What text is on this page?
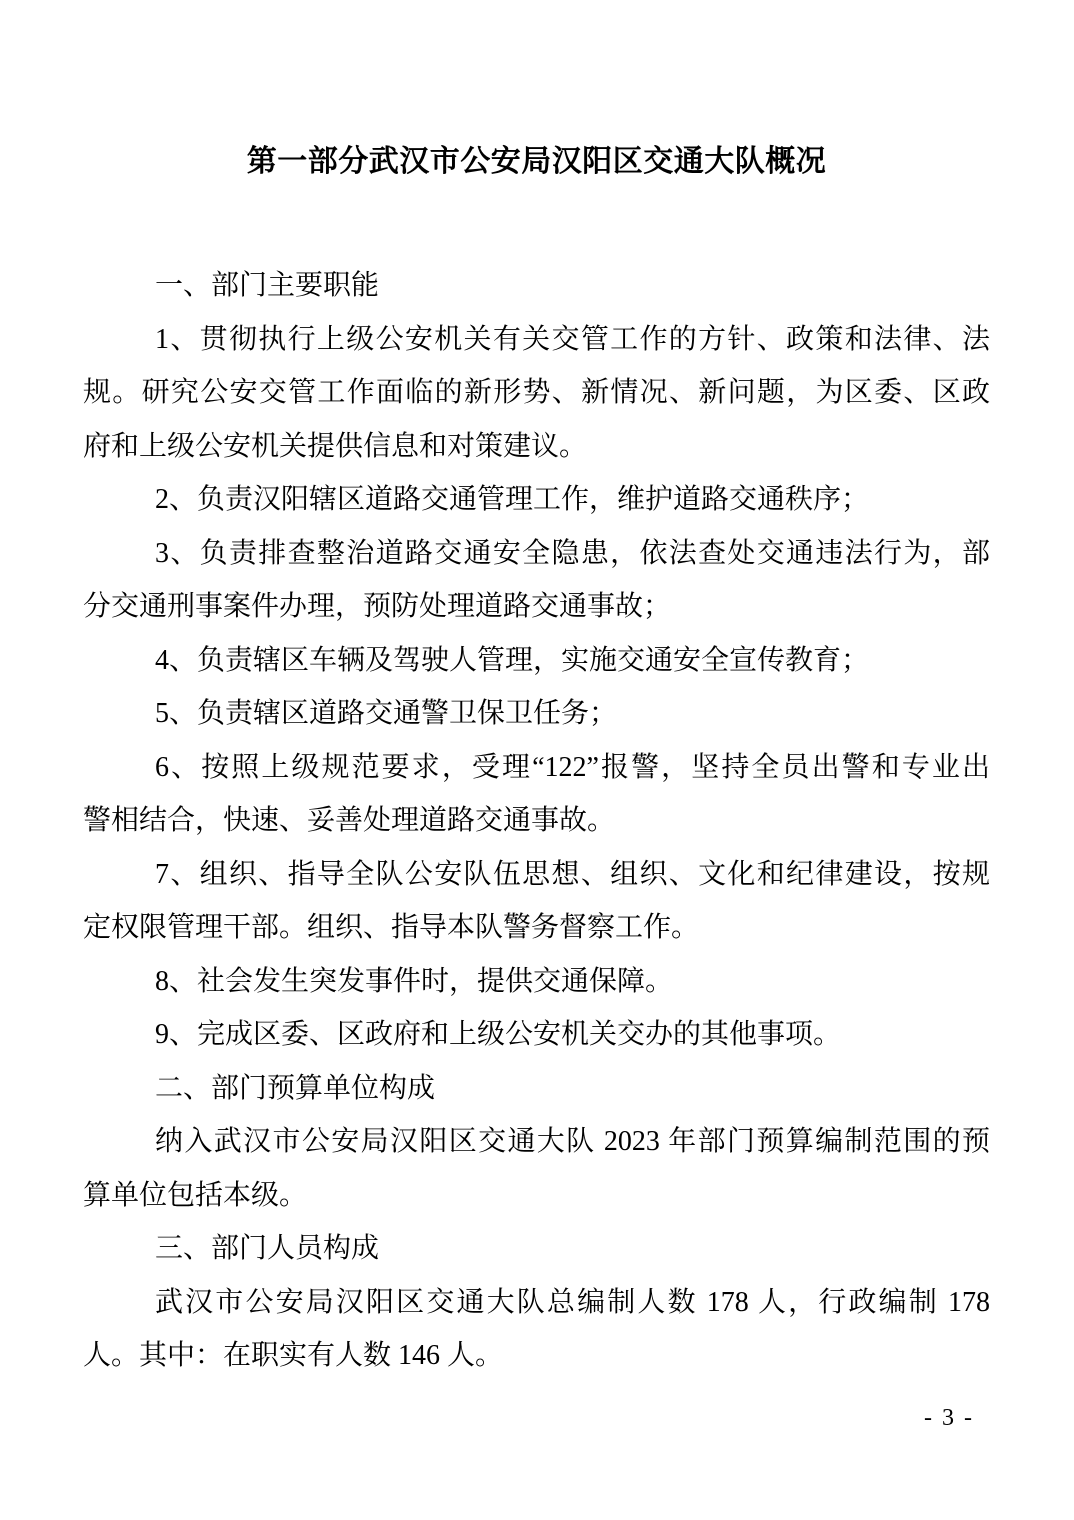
第一部分武汉市公安局汉阳区交通大队概况
一、部门主要职能
1、贯彻执行上级公安机关有关交管工作的方针、政策和法律、法
规。研究公安交管工作面临的新形势、新情况、新问题，为区委、区政
府和上级公安机关提供信息和对策建议。
2、负责汉阳辖区道路交通管理工作，维护道路交通秩序；
3、负责排查整治道路交通安全隐患，依法查处交通违法行为，部
分交通刑事案件办理，预防处理道路交通事故；
4、负责辖区车辆及驾驶人管理，实施交通安全宣传教育；
5、负责辖区道路交通警卫保卫任务；
6、按照上级规范要求，受理“122”报警，坚持全员出警和专业出
警相结合，快速、妥善处理道路交通事故。
7、组织、指导全队公安队伍思想、组织、文化和纪律建设，按规
定权限管理干部。组织、指导本队警务督察工作。
8、社会发生突发事件时，提供交通保障。
9、完成区委、区政府和上级公安机关交办的其他事项。
二、部门预算单位构成
纳入武汉市公安局汉阳区交通大队 2023 年部门预算编制范围的预
算单位包括本级。
三、部门人员构成
武汉市公安局汉阳区交通大队总编制人数 178 人，行政编制 178
人。其中：在职实有人数 146 人。
- 3 -
